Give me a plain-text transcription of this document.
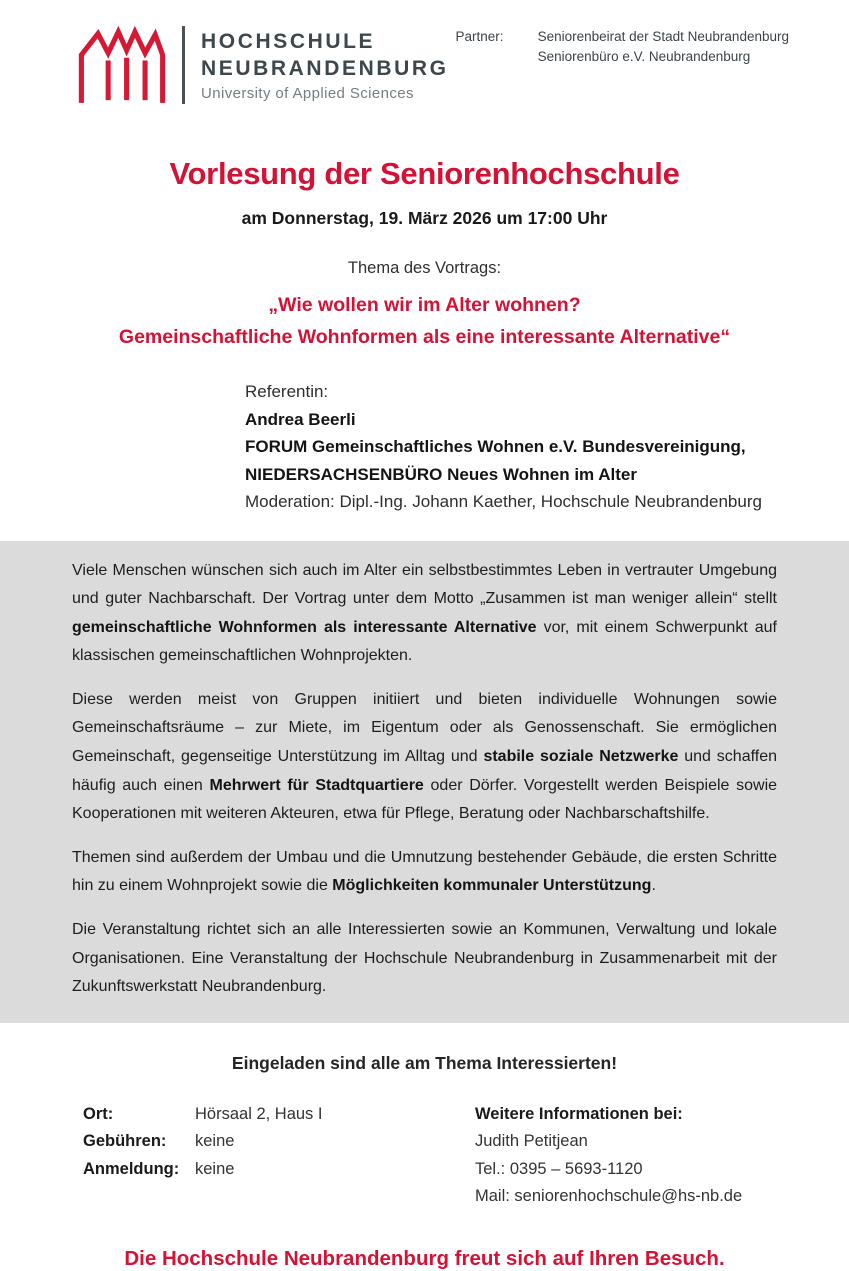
HOCHSCHULE
NEUBRANDENBURG
University of Applied Sciences
Partner:	Seniorenbeirat der Stadt Neubrandenburg
Seniorenbüro e.V. Neubrandenburg
Vorlesung der Seniorenhochschule
am Donnerstag, 19. März 2026 um 17:00 Uhr
Thema des Vortrags:
„Wie wollen wir im Alter wohnen?
Gemeinschaftliche Wohnformen als eine interessante Alternative“
Referentin:
Andrea Beerli
FORUM Gemeinschaftliches Wohnen e.V. Bundesvereinigung,
NIEDERSACHSENBÜRO Neues Wohnen im Alter
Moderation: Dipl.-Ing. Johann Kaether, Hochschule Neubrandenburg

Viele Menschen wünschen sich auch im Alter ein selbstbestimmtes Leben in vertrauter Umgebung und guter Nachbarschaft. Der Vortrag unter dem Motto „Zusammen ist man weniger allein“ stellt gemeinschaftliche Wohnformen als interessante Alternative vor, mit einem Schwerpunkt auf klassischen gemeinschaftlichen Wohnprojekten.

Diese werden meist von Gruppen initiiert und bieten individuelle Wohnungen sowie Gemeinschaftsräume – zur Miete, im Eigentum oder als Genossenschaft. Sie ermöglichen Gemeinschaft, gegenseitige Unterstützung im Alltag und stabile soziale Netzwerke und schaffen häufig auch einen Mehrwert für Stadtquartiere oder Dörfer. Vorgestellt werden Beispiele sowie Kooperationen mit weiteren Akteuren, etwa für Pflege, Beratung oder Nachbarschaftshilfe.

Themen sind außerdem der Umbau und die Umnutzung bestehender Gebäude, die ersten Schritte hin zu einem Wohnprojekt sowie die Möglichkeiten kommunaler Unterstützung.

Die Veranstaltung richtet sich an alle Interessierten sowie an Kommunen, Verwaltung und lokale Organisationen. Eine Veranstaltung der Hochschule Neubrandenburg in Zusammenarbeit mit der Zukunftswerkstatt Neubrandenburg.

Eingeladen sind alle am Thema Interessierten!
Ort:	Hörsaal 2, Haus I
Gebühren:	keine
Anmeldung: keine
Weitere Informationen bei:
Judith Petitjean
Tel.: 0395 – 5693-1120
Mail: seniorenhochschule@hs-nb.de
Die Hochschule Neubrandenburg freut sich auf Ihren Besuch.
